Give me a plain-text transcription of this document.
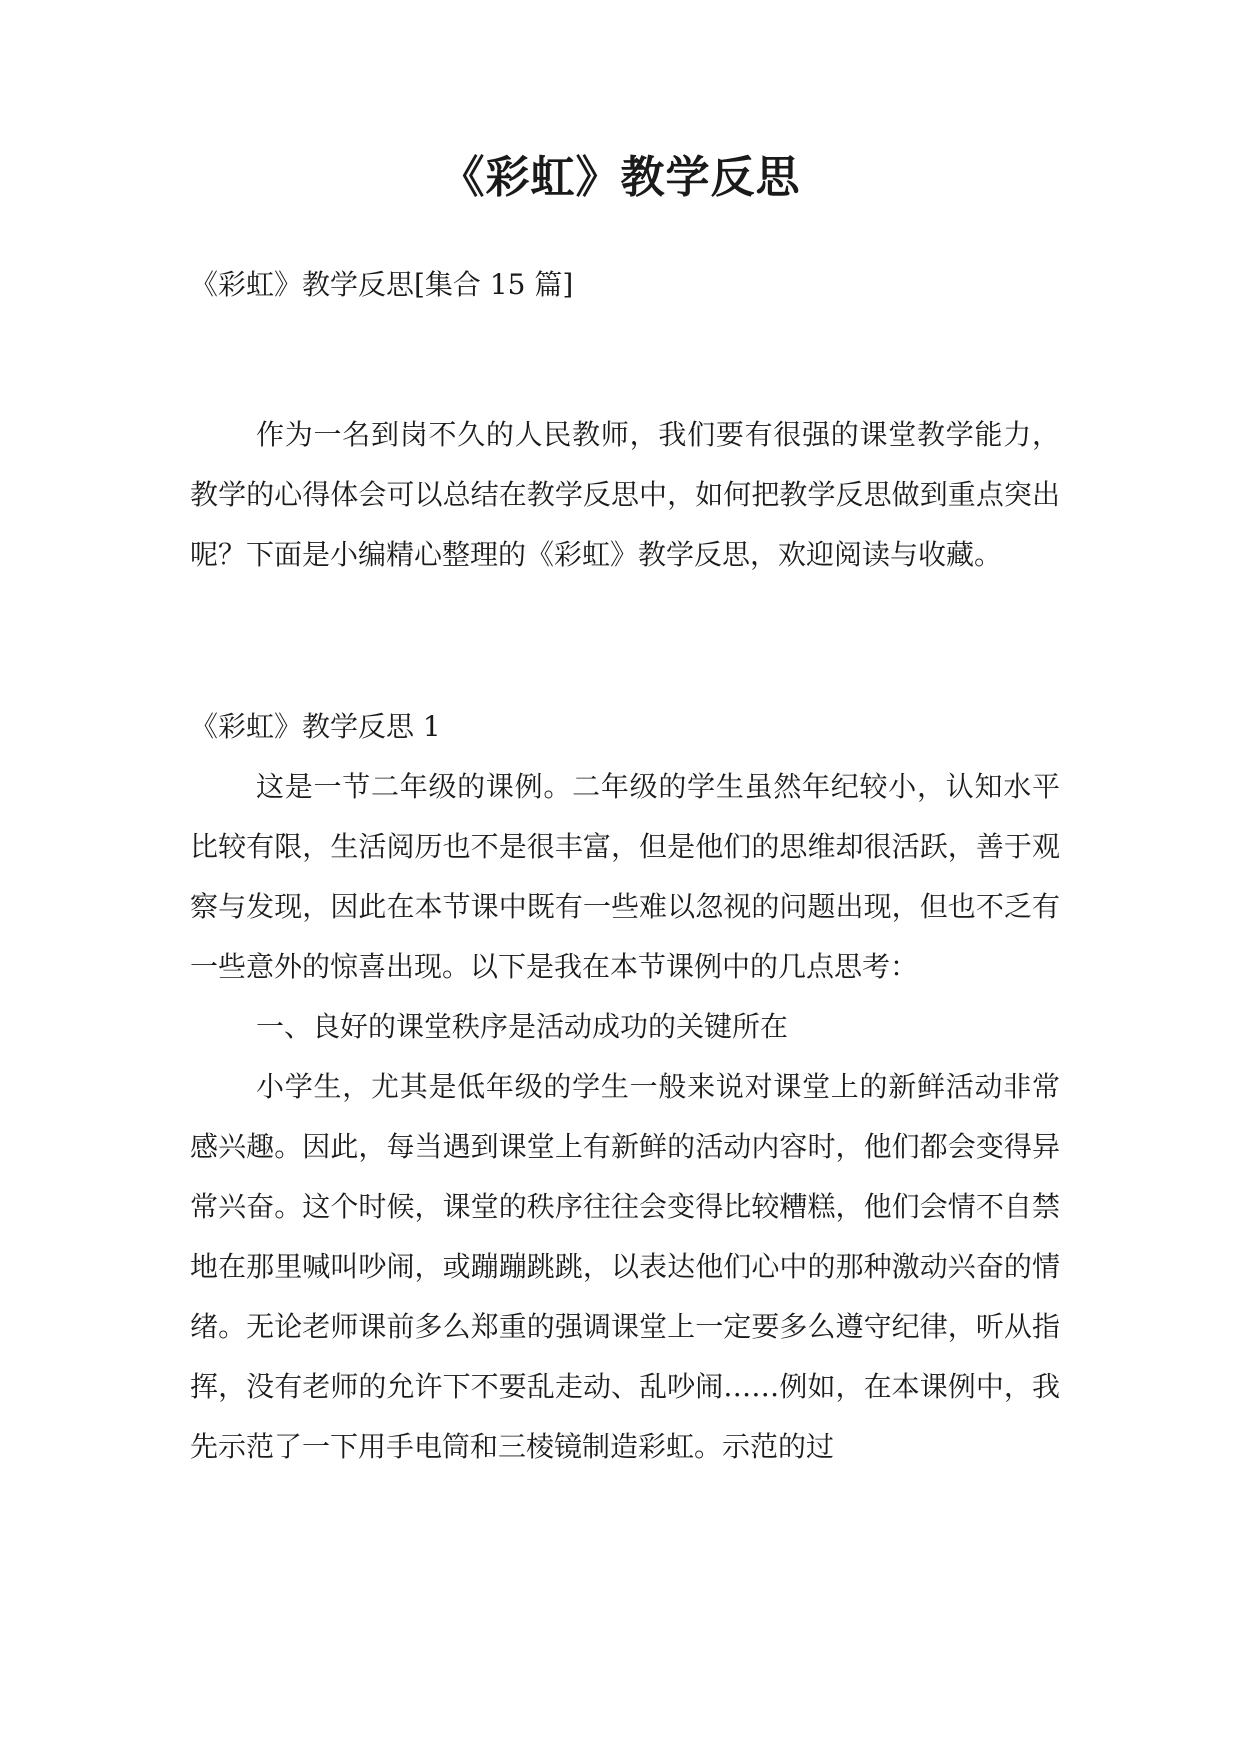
《彩虹》教学反思
《彩虹》教学反思[集合 15 篇]

作为一名到岗不久的人民教师，我们要有很强的课堂教学能力，教学的心得体会可以总结在教学反思中，如何把教学反思做到重点突出呢？下面是小编精心整理的《彩虹》教学反思，欢迎阅读与收藏。

《彩虹》教学反思 1

这是一节二年级的课例。二年级的学生虽然年纪较小，认知水平比较有限，生活阅历也不是很丰富，但是他们的思维却很活跃，善于观察与发现，因此在本节课中既有一些难以忽视的问题出现，但也不乏有一些意外的惊喜出现。以下是我在本节课例中的几点思考：

一、良好的课堂秩序是活动成功的关键所在

小学生，尤其是低年级的学生一般来说对课堂上的新鲜活动非常感兴趣。因此，每当遇到课堂上有新鲜的活动内容时，他们都会变得异常兴奋。这个时候，课堂的秩序往往会变得比较糟糕，他们会情不自禁地在那里喊叫吵闹，或蹦蹦跳跳，以表达他们心中的那种激动兴奋的情绪。无论老师课前多么郑重的强调课堂上一定要多么遵守纪律，听从指挥，没有老师的允许下不要乱走动、乱吵闹……例如，在本课例中，我先示范了一下用手电筒和三棱镜制造彩虹。示范的过
